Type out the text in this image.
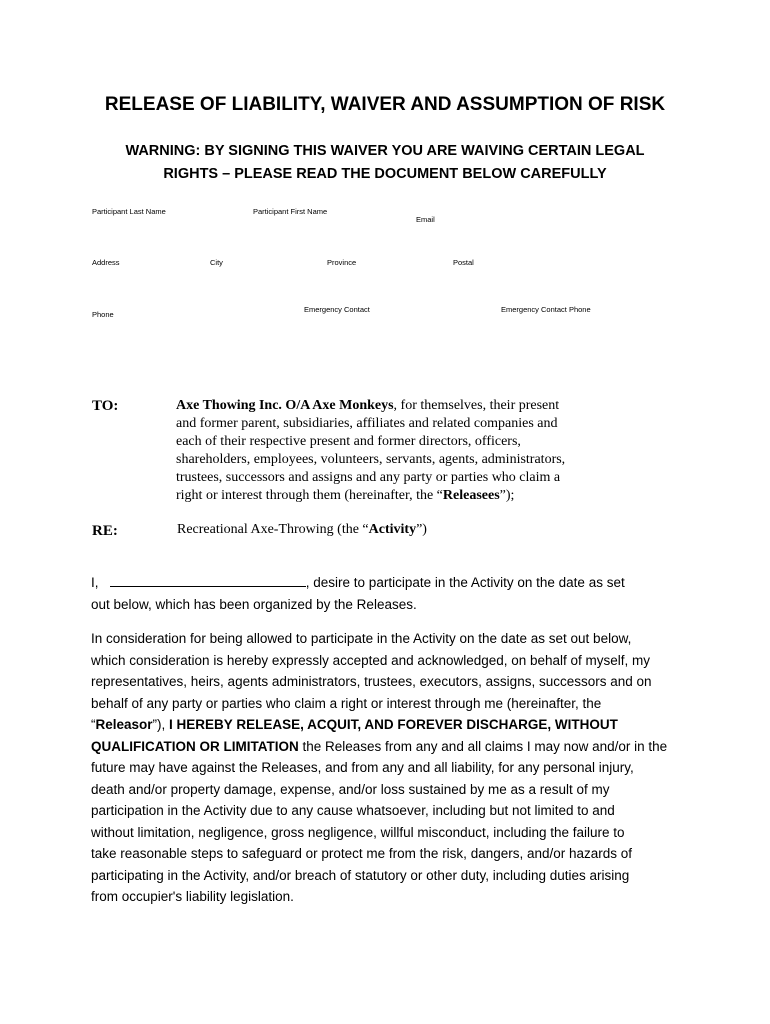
RELEASE OF LIABILITY, WAIVER AND ASSUMPTION OF RISK
WARNING: BY SIGNING THIS WAIVER YOU ARE WAIVING CERTAIN LEGAL
RIGHTS – PLEASE READ THE DOCUMENT BELOW CAREFULLY
Participant Last Name	Participant First Name
Email
Address	City	Province	Postal
Phone
Emergency Contact	Emergency Contact Phone
TO:	Axe Thowing Inc. O/A Axe Monkeys, for themselves, their present
and former parent, subsidiaries, affiliates and related companies and
each of their respective present and former directors, officers,
shareholders, employees, volunteers, servants, agents, administrators,
trustees, successors and assigns and any party or parties who claim a
right or interest through them (hereinafter, the “Releasees”);
RE:	Recreational Axe-Throwing (the “Activity”)
I,	, desire to participate in the Activity on the date as set
out below, which has been organized by the Releases.
In consideration for being allowed to participate in the Activity on the date as set out below,
which consideration is hereby expressly accepted and acknowledged, on behalf of myself, my
representatives, heirs, agents administrators, trustees, executors, assigns, successors and on
behalf of any party or parties who claim a right or interest through me (hereinafter, the
“Releasor”), I HEREBY RELEASE, ACQUIT, AND FOREVER DISCHARGE, WITHOUT
QUALIFICATION OR LIMITATION the Releases from any and all claims I may now and/or in the
future may have against the Releases, and from any and all liability, for any personal injury,
death and/or property damage, expense, and/or loss sustained by me as a result of my
participation in the Activity due to any cause whatsoever, including but not limited to and
without limitation, negligence, gross negligence, willful misconduct, including the failure to
take reasonable steps to safeguard or protect me from the risk, dangers, and/or hazards of
participating in the Activity, and/or breach of statutory or other duty, including duties arising
from occupier's liability legislation.
